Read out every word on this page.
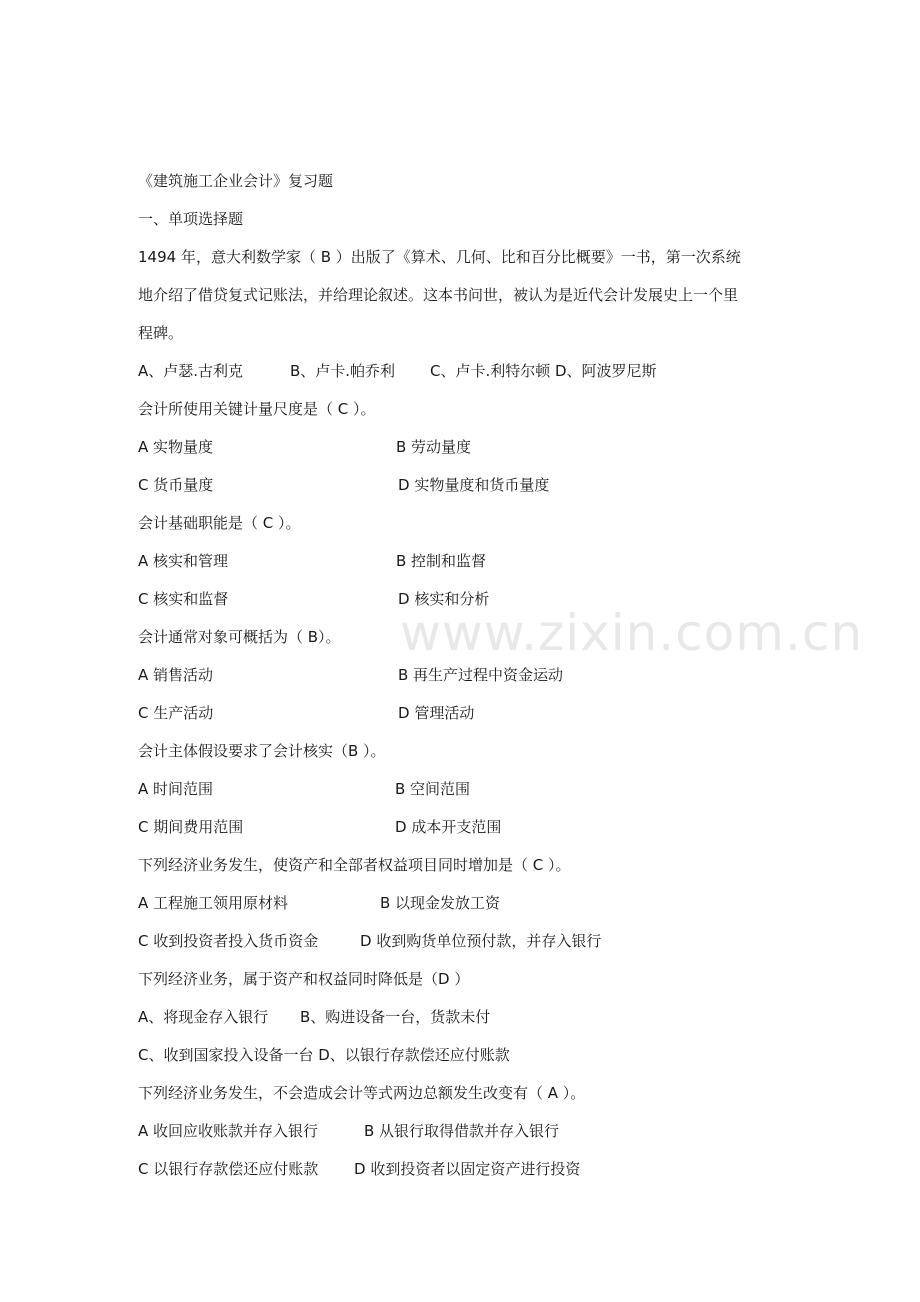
《建筑施工企业会计》复习题
一、单项选择题
1494 年，意大利数学家（ B ）出版了《算术、几何、比和百分比概要》一书，第一次系统
地介绍了借贷复式记账法，并给理论叙述。这本书问世，被认为是近代会计发展史上一个里
程碑。
A、卢瑟.古利克	B、卢卡.帕乔利 C、卢卡.利特尔顿 D、阿波罗尼斯
会计所使用关键计量尺度是（ C ）。
A 实物量度	B 劳动量度
C 货币量度	D 实物量度和货币量度
会计基础职能是（ C ）。
A 核实和管理	B 控制和监督
C 核实和监督	D 核实和分析
会计通常对象可概括为（ B）。
A 销售活动	B 再生产过程中资金运动
C 生产活动	D 管理活动
会计主体假设要求了会计核实（B ）。
A 时间范围	B 空间范围
C 期间费用范围	D 成本开支范围
下列经济业务发生，使资产和全部者权益项目同时增加是（ C ）。
A 工程施工领用原材料	B 以现金发放工资
C 收到投资者投入货币资金	D 收到购货单位预付款，并存入银行
下列经济业务，属于资产和权益同时降低是（D ）
A、将现金存入银行 B、购进设备一台，货款未付
C、收到国家投入设备一台 D、以银行存款偿还应付账款
下列经济业务发生，不会造成会计等式两边总额发生改变有（ A ）。
A 收回应收账款并存入银行	B 从银行取得借款并存入银行
C 以银行存款偿还应付账款 D 收到投资者以固定资产进行投资
www.zixin.com.cn
